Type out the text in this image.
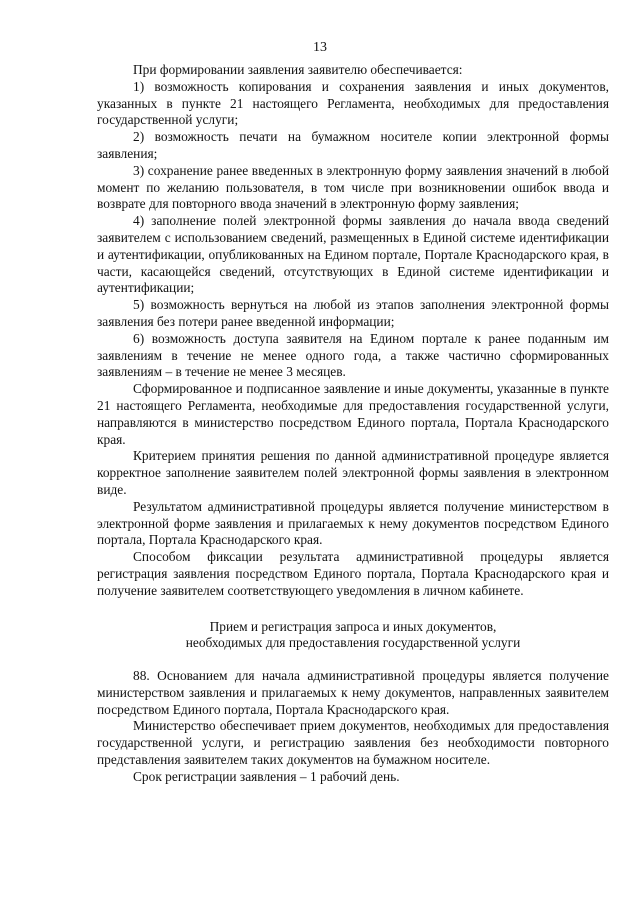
13

При формировании заявления заявителю обеспечивается:

1) возможность копирования и сохранения заявления и иных документов, указанных в пункте 21 настоящего Регламента, необходимых для предоставления государственной услуги;

2) возможность печати на бумажном носителе копии электронной формы заявления;

3) сохранение ранее введенных в электронную форму заявления значений в любой момент по желанию пользователя, в том числе при возникновении ошибок ввода и возврате для повторного ввода значений в электронную форму заявления;

4) заполнение полей электронной формы заявления до начала ввода сведений заявителем с использованием сведений, размещенных в Единой системе идентификации и аутентификации, опубликованных на Едином портале, Портале Краснодарского края, в части, касающейся сведений, отсутствующих в Единой системе идентификации и аутентификации;

5) возможность вернуться на любой из этапов заполнения электронной формы заявления без потери ранее введенной информации;

6) возможность доступа заявителя на Едином портале к ранее поданным им заявлениям в течение не менее одного года, а также частично сформированных заявлениям – в течение не менее 3 месяцев.

Сформированное и подписанное заявление и иные документы, указанные в пункте 21 настоящего Регламента, необходимые для предоставления государственной услуги, направляются в министерство посредством Единого портала, Портала Краснодарского края.

Критерием принятия решения по данной административной процедуре является корректное заполнение заявителем полей электронной формы заявления в электронном виде.

Результатом административной процедуры является получение министерством в электронной форме заявления и прилагаемых к нему документов посредством Единого портала, Портала Краснодарского края.

Способом фиксации результата административной процедуры является регистрация заявления посредством Единого портала, Портала Краснодарского края и получение заявителем соответствующего уведомления в личном кабинете.

Прием и регистрация запроса и иных документов,
необходимых для предоставления государственной услуги

88. Основанием для начала административной процедуры является получение министерством заявления и прилагаемых к нему документов, направленных заявителем посредством Единого портала, Портала Краснодарского края.

Министерство обеспечивает прием документов, необходимых для предоставления государственной услуги, и регистрацию заявления без необходимости повторного представления заявителем таких документов на бумажном носителе.

Срок регистрации заявления – 1 рабочий день.
